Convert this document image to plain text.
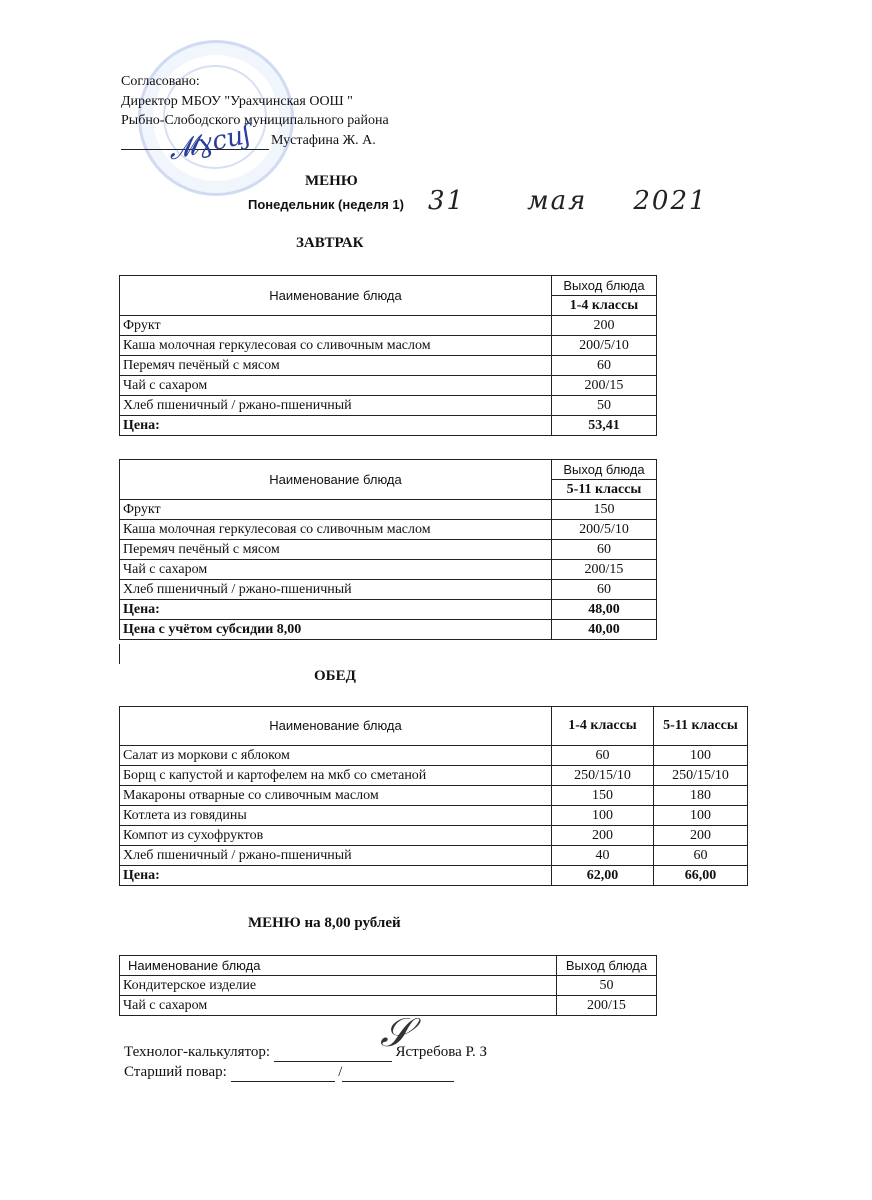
Согласовано:
Директор МБОУ "Урахчинская ООШ "
Рыбно-Слободского муниципального района
Мустафина Ж. А.
𝓜ɣсиʃ
МЕНЮ
Понедельник (неделя 1) 31 мая 2021
ЗАВТРАК
Наименование блюда	Выход блюда
	1-4 классы
Фрукт	200
Каша молочная геркулесовая со сливочным маслом	200/5/10
Перемяч печёный с мясом	60
Чай с сахаром	200/15
Хлеб пшеничный / ржано-пшеничный	50
Цена:	53,41
Наименование блюда	Выход блюда
	5-11 классы
Фрукт	150
Каша молочная геркулесовая со сливочным маслом	200/5/10
Перемяч печёный с мясом	60
Чай с сахаром	200/15
Хлеб пшеничный / ржано-пшеничный	60
Цена:	48,00
Цена с учётом субсидии 8,00	40,00
ОБЕД
Наименование блюда	1-4 классы	5-11 классы
Салат из моркови с яблоком	60	100
Борщ с капустой и картофелем на мкб со сметаной	250/15/10	250/15/10
Макароны отварные со сливочным маслом	150	180
Котлета из говядины	100	100
Компот из сухофруктов	200	200
Хлеб пшеничный / ржано-пшеничный	40	60
Цена:	62,00	66,00
МЕНЮ на 8,00 рублей
Наименование блюда	Выход блюда
Кондитерское изделие	50
Чай с сахаром	200/15
Технолог-калькулятор:	Ястребова Р. З
Старший повар:	/
𝒮
